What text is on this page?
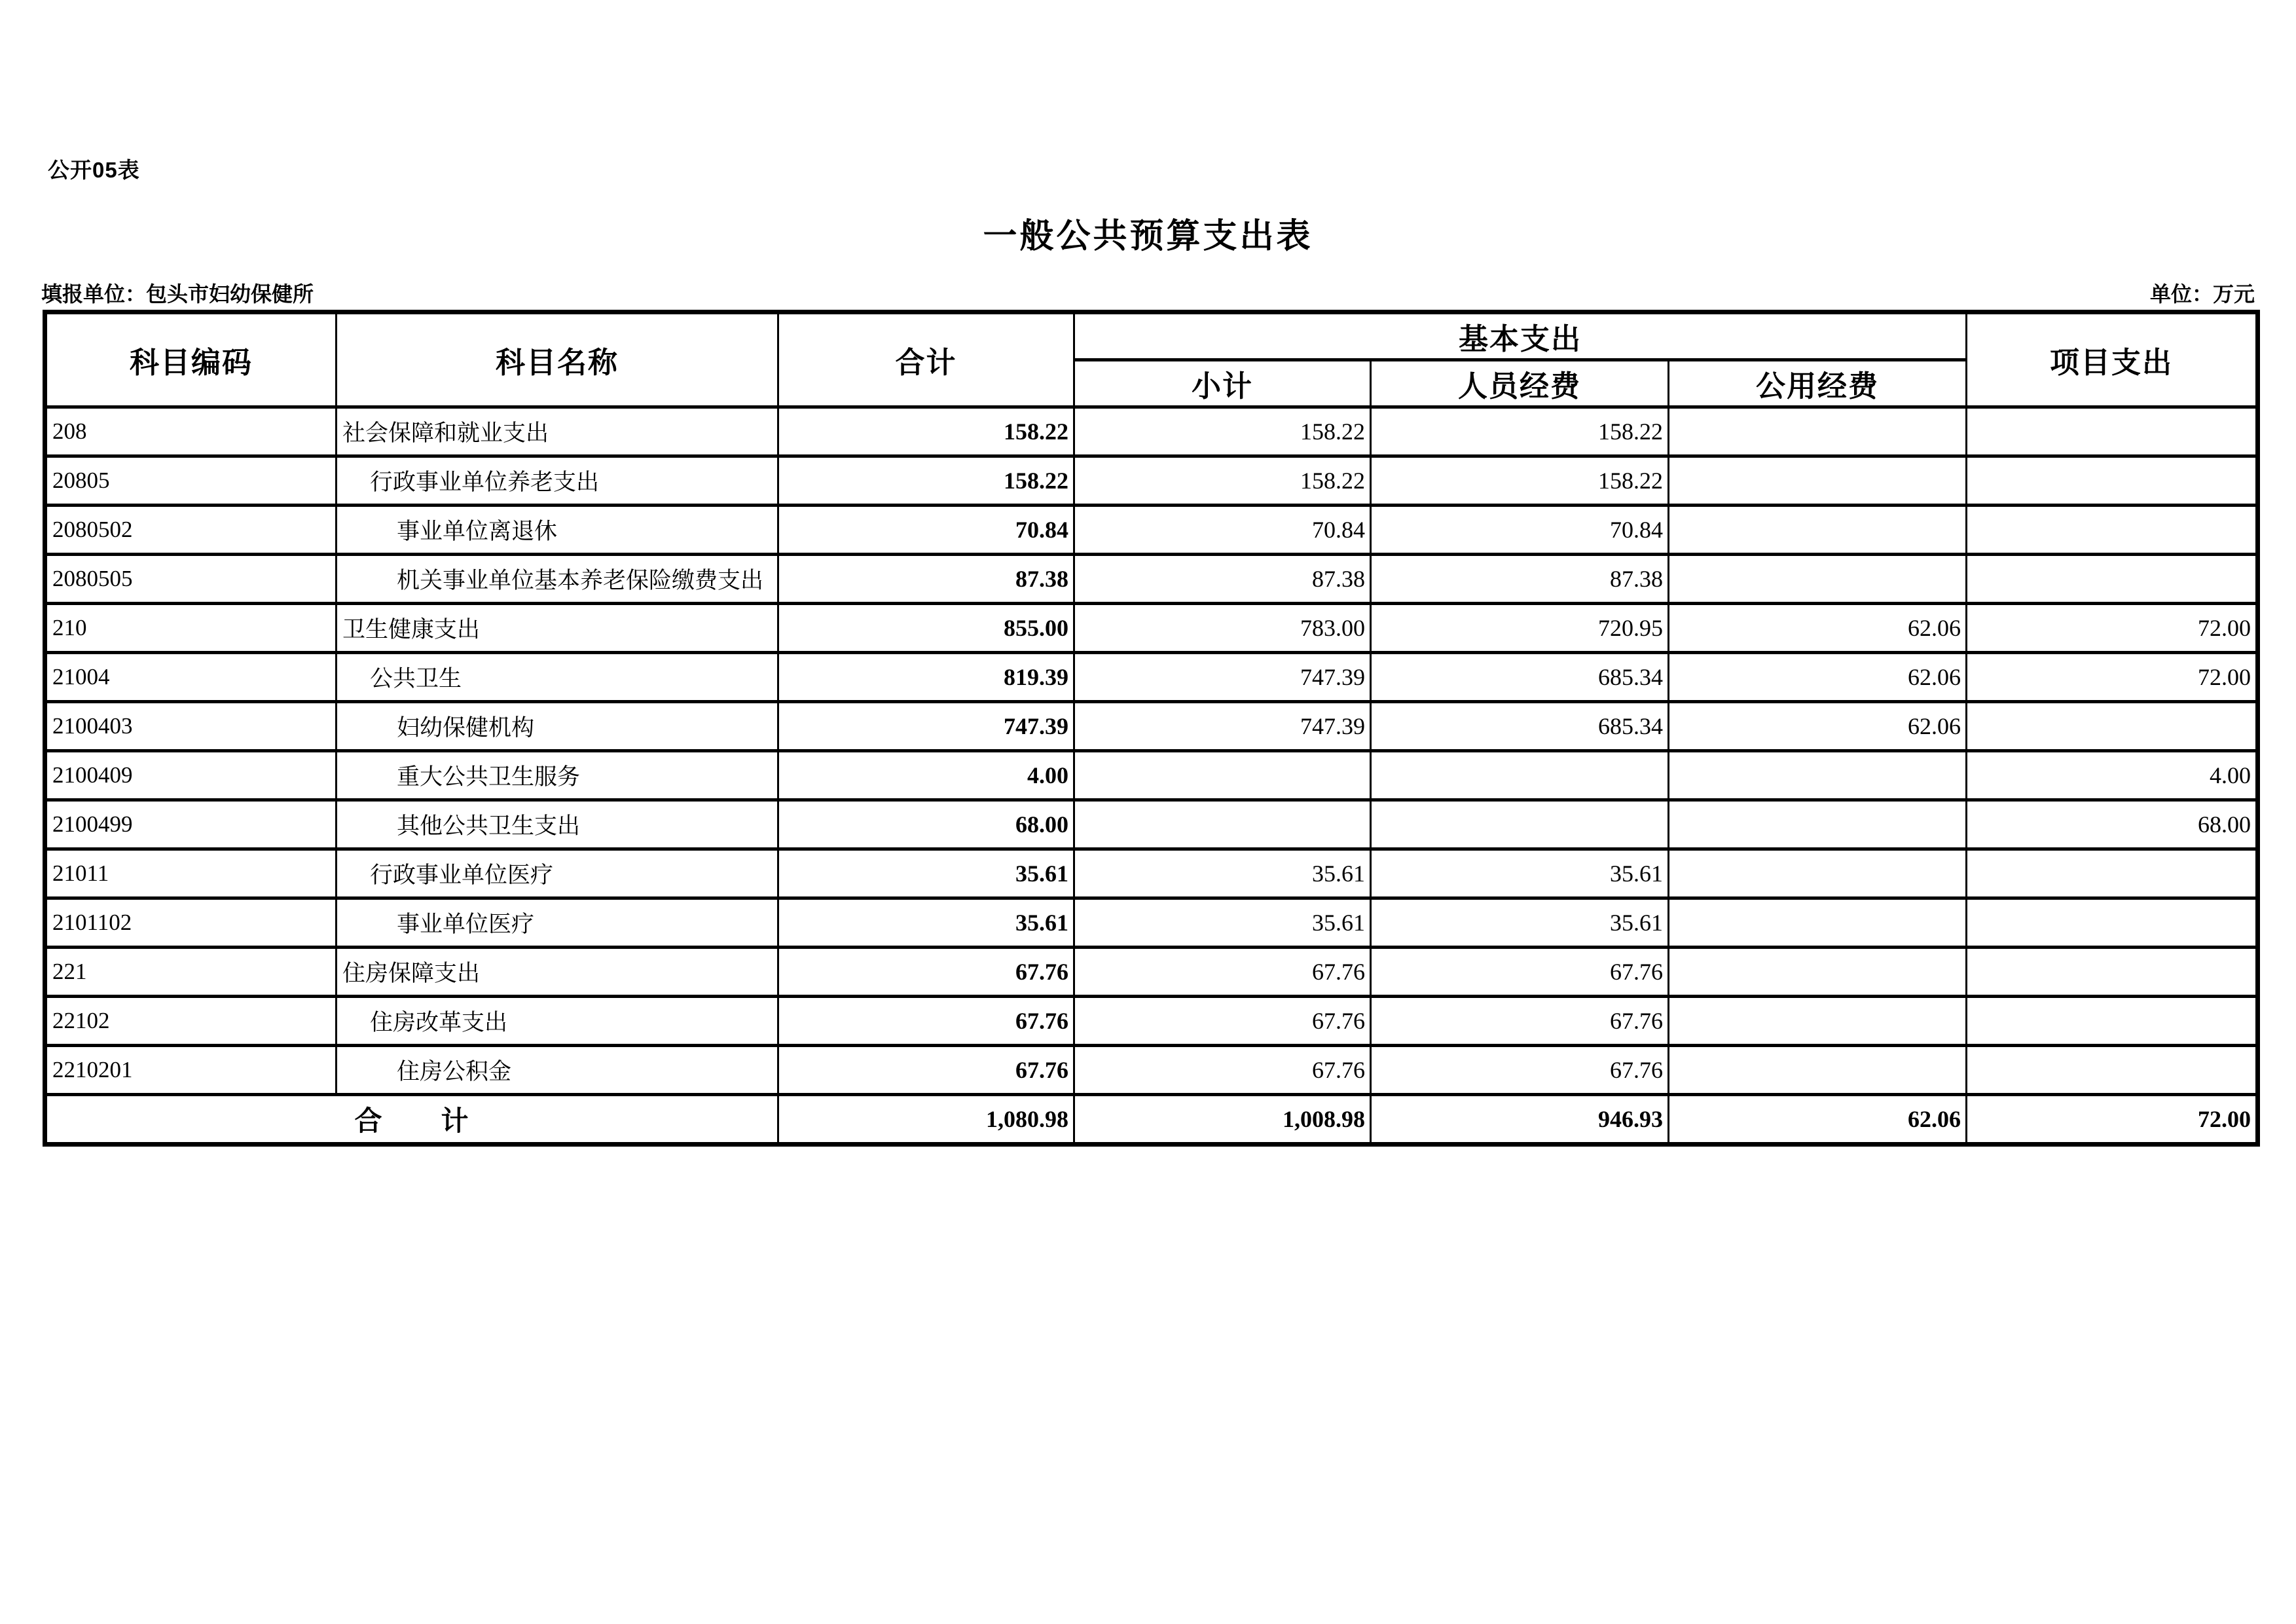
公开05表
一般公共预算支出表
填报单位：包头市妇幼保健所	单位：万元
科目编码	科目名称	合计	基本支出			项目支出
			小计	人员经费	公用经费	
208	社会保障和就业支出	158.22	158.22	158.22		
20805	行政事业单位养老支出	158.22	158.22	158.22		
2080502	事业单位离退休	70.84	70.84	70.84		
2080505	机关事业单位基本养老保险缴费支出	87.38	87.38	87.38		
210	卫生健康支出	855.00	783.00	720.95	62.06	72.00
21004	公共卫生	819.39	747.39	685.34	62.06	72.00
2100403	妇幼保健机构	747.39	747.39	685.34	62.06	
2100409	重大公共卫生服务	4.00				4.00
2100499	其他公共卫生支出	68.00				68.00
21011	行政事业单位医疗	35.61	35.61	35.61		
2101102	事业单位医疗	35.61	35.61	35.61		
221	住房保障支出	67.76	67.76	67.76		
22102	住房改革支出	67.76	67.76	67.76		
2210201	住房公积金	67.76	67.76	67.76		
合　　计		1,080.98	1,008.98	946.93	62.06	72.00
